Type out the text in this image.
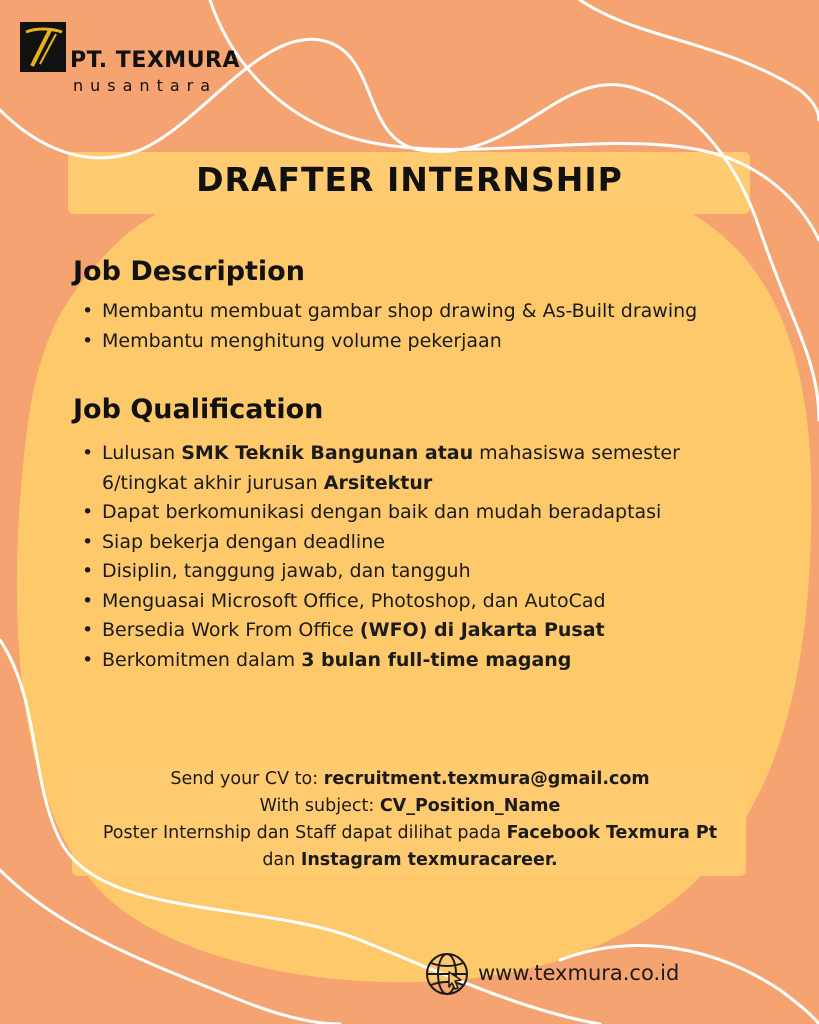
PT. TEXMURA
nusantara
DRAFTER INTERNSHIP
Job Description
• Membantu membuat gambar shop drawing & As-Built drawing
• Membantu menghitung volume pekerjaan
Job Qualification
• Lulusan SMK Teknik Bangunan atau mahasiswa semester 6/tingkat akhir jurusan Arsitektur
• Dapat berkomunikasi dengan baik dan mudah beradaptasi
• Siap bekerja dengan deadline
• Disiplin, tanggung jawab, dan tangguh
• Menguasai Microsoft Office, Photoshop, dan AutoCad
• Bersedia Work From Office (WFO) di Jakarta Pusat
• Berkomitmen dalam 3 bulan full-time magang
Send your CV to: recruitment.texmura@gmail.com
With subject: CV_Position_Name
Poster Internship dan Staff dapat dilihat pada Facebook Texmura Pt
dan Instagram texmuracareer.
www.texmura.co.id
